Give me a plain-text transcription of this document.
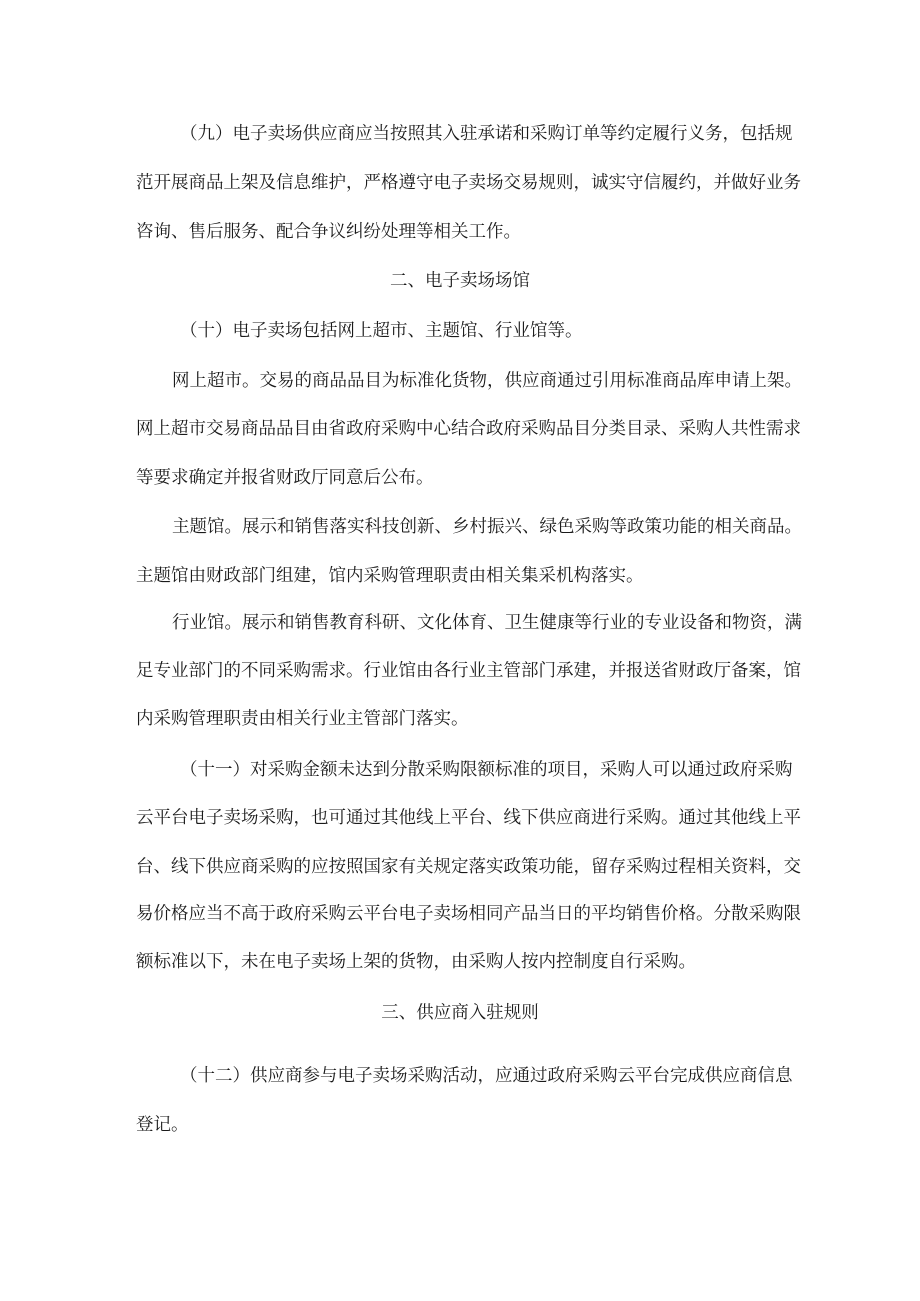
（九）电子卖场供应商应当按照其入驻承诺和采购订单等约定履行义务，包括规
范开展商品上架及信息维护，严格遵守电子卖场交易规则，诚实守信履约，并做好业务
咨询、售后服务、配合争议纠纷处理等相关工作。
二、电子卖场场馆
（十）电子卖场包括网上超市、主题馆、行业馆等。
网上超市。交易的商品品目为标准化货物，供应商通过引用标准商品库申请上架。
网上超市交易商品品目由省政府采购中心结合政府采购品目分类目录、采购人共性需求
等要求确定并报省财政厅同意后公布。
主题馆。展示和销售落实科技创新、乡村振兴、绿色采购等政策功能的相关商品。
主题馆由财政部门组建，馆内采购管理职责由相关集采机构落实。
行业馆。展示和销售教育科研、文化体育、卫生健康等行业的专业设备和物资，满
足专业部门的不同采购需求。行业馆由各行业主管部门承建，并报送省财政厅备案，馆
内采购管理职责由相关行业主管部门落实。
（十一）对采购金额未达到分散采购限额标准的项目，采购人可以通过政府采购
云平台电子卖场采购，也可通过其他线上平台、线下供应商进行采购。通过其他线上平
台、线下供应商采购的应按照国家有关规定落实政策功能，留存采购过程相关资料，交
易价格应当不高于政府采购云平台电子卖场相同产品当日的平均销售价格。分散采购限
额标准以下，未在电子卖场上架的货物，由采购人按内控制度自行采购。
三、供应商入驻规则
（十二）供应商参与电子卖场采购活动，应通过政府采购云平台完成供应商信息
登记。
